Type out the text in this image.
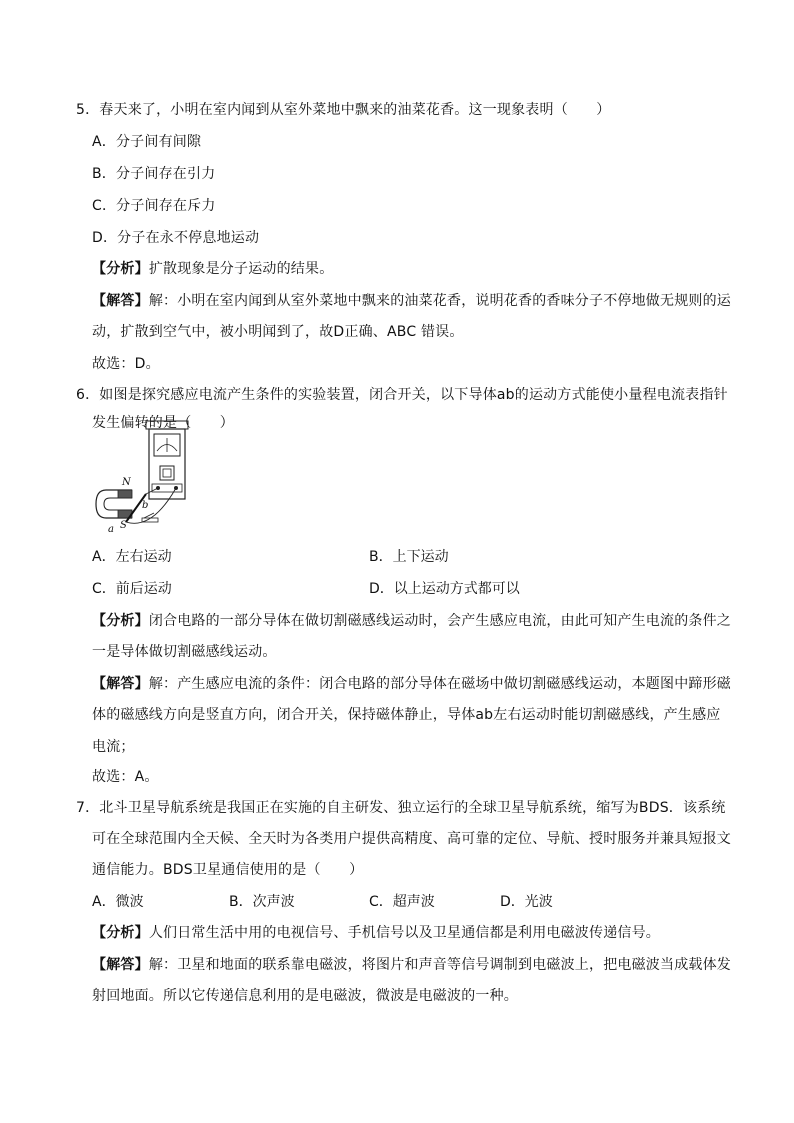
5．春天来了，小明在室内闻到从室外菜地中飘来的油菜花香。这一现象表明（　　）
A．分子间有间隙
B．分子间存在引力
C．分子间存在斥力
D．分子在永不停息地运动
【分析】扩散现象是分子运动的结果。
【解答】解：小明在室内闻到从室外菜地中飘来的油菜花香，说明花香的香味分子不停地做无规则的运
动，扩散到空气中，被小明闻到了，故D正确、ABC 错误。
故选：D。
6．如图是探究感应电流产生条件的实验装置，闭合开关，以下导体ab的运动方式能使小量程电流表指针
发生偏转的是（　　）
N
S
b
a
A．左右运动	B．上下运动
C．前后运动	D．以上运动方式都可以
【分析】闭合电路的一部分导体在做切割磁感线运动时，会产生感应电流，由此可知产生电流的条件之
一是导体做切割磁感线运动。
【解答】解：产生感应电流的条件：闭合电路的部分导体在磁场中做切割磁感线运动，本题图中蹄形磁
体的磁感线方向是竖直方向，闭合开关，保持磁体静止，导体ab左右运动时能切割磁感线，产生感应
电流；
故选：A。
7．北斗卫星导航系统是我国正在实施的自主研发、独立运行的全球卫星导航系统，缩写为BDS．该系统
可在全球范围内全天候、全天时为各类用户提供高精度、高可靠的定位、导航、授时服务并兼具短报文
通信能力。BDS卫星通信使用的是（　　）
A．微波	B．次声波	C．超声波	D．光波
【分析】人们日常生活中用的电视信号、手机信号以及卫星通信都是利用电磁波传递信号。
【解答】解：卫星和地面的联系靠电磁波，将图片和声音等信号调制到电磁波上，把电磁波当成载体发
射回地面。所以它传递信息利用的是电磁波，微波是电磁波的一种。
